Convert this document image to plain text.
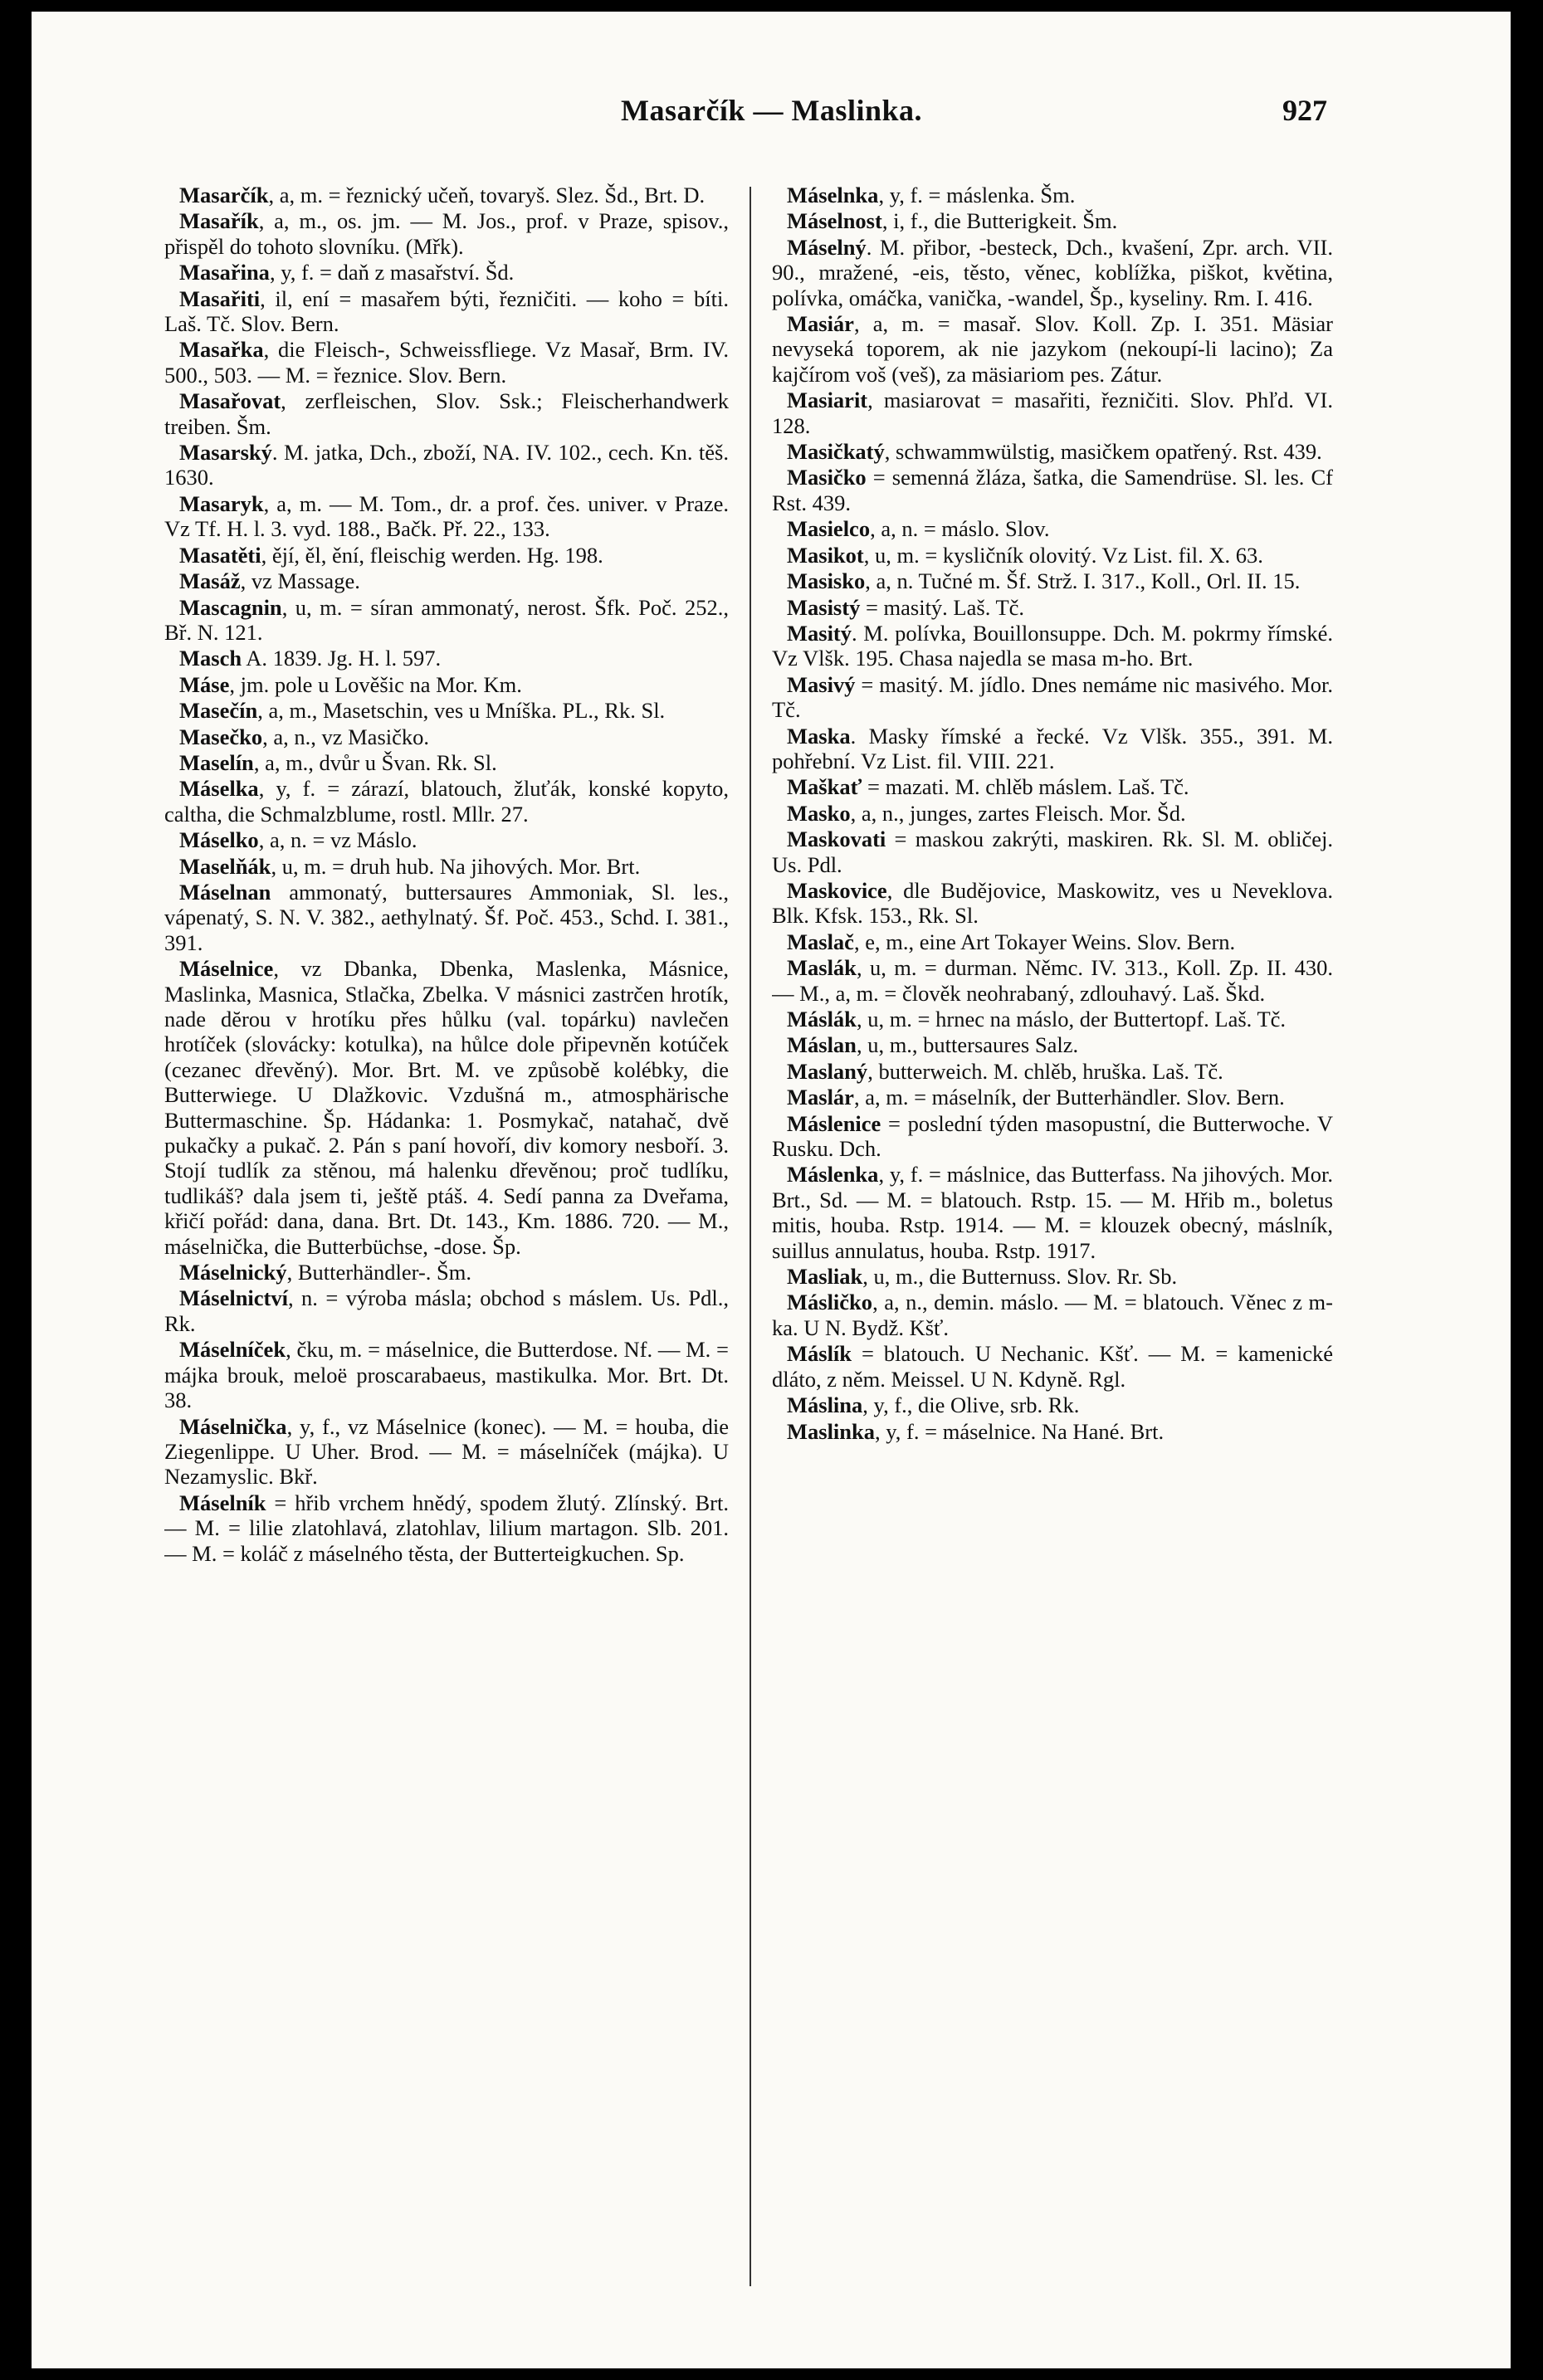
Masarčík — Maslinka.	927

Masarčík, a, m. = řeznický učeň, tovaryš. Slez. Šd., Brt. D.

Masařík, a, m., os. jm. — M. Jos., prof. v Praze, spisov., přispěl do tohoto slovníku. (Mřk).

Masařina, y, f. = daň z masařství. Šd.

Masařiti, il, ení = masařem býti, řezničiti. — koho = bíti. Laš. Tč. Slov. Bern.

Masařka, die Fleisch-, Schweissfliege. Vz Masař, Brm. IV. 500., 503. — M. = řeznice. Slov. Bern.

Masařovat, zerfleischen, Slov. Ssk.; Fleischerhandwerk treiben. Šm.

Masarský. M. jatka, Dch., zboží, NA. IV. 102., cech. Kn. těš. 1630.

Masaryk, a, m. — M. Tom., dr. a prof. čes. univer. v Praze. Vz Tf. H. l. 3. vyd. 188., Bačk. Př. 22., 133.

Masatěti, ějí, ěl, ění, fleischig werden. Hg. 198.

Masáž, vz Massage.

Mascagnin, u, m. = síran ammonatý, nerost. Šfk. Poč. 252., Bř. N. 121.

Masch A. 1839. Jg. H. l. 597.

Máse, jm. pole u Lověšic na Mor. Km.

Masečín, a, m., Masetschin, ves u Mníška. PL., Rk. Sl.

Masečko, a, n., vz Masičko.

Maselín, a, m., dvůr u Švan. Rk. Sl.

Máselka, y, f. = zárazí, blatouch, žluťák, konské kopyto, caltha, die Schmalzblume, rostl. Mllr. 27.

Máselko, a, n. = vz Máslo.

Maselňák, u, m. = druh hub. Na jihových. Mor. Brt.

Máselnan ammonatý, buttersaures Ammoniak, Sl. les., vápenatý, S. N. V. 382., aethylnatý. Šf. Poč. 453., Schd. I. 381., 391.

Máselnice, vz Dbanka, Dbenka, Maslenka, Másnice, Maslinka, Masnica, Stlačka, Zbelka. V másnici zastrčen hrotík, nade dĕrou v hrotíku přes hůlku (val. topárku) navlečen hrotíček (slovácky: kotulka), na hůlce dole připevněn kotúček (cezanec dřevěný). Mor. Brt. M. ve způsobě kolébky, die Butterwiege. U Dlažkovic. Vzdušná m., atmosphärische Buttermaschine. Šp. Hádanka: 1. Posmykač, natahač, dvě pukačky a pukač. 2. Pán s paní hovoří, div komory nesboří. 3. Stojí tudlík za stěnou, má halenku dřevěnou; proč tudlíku, tudlikáš? dala jsem ti, ještě ptáš. 4. Sedí panna za Dveřama, křičí pořád: dana, dana. Brt. Dt. 143., Km. 1886. 720. — M., máselnička, die Butterbüchse, -dose. Šp.

Máselnický, Butterhändler-. Šm.

Máselnictví, n. = výroba másla; obchod s máslem. Us. Pdl., Rk.

Máselníček, čku, m. = máselnice, die Butterdose. Nf. — M. = májka brouk, meloë proscarabaeus, mastikulka. Mor. Brt. Dt. 38.

Máselnička, y, f., vz Máselnice (konec). — M. = houba, die Ziegenlippe. U Uher. Brod. — M. = máselníček (májka). U Nezamyslic. Bkř.

Máselník = hřib vrchem hnědý, spodem žlutý. Zlínský. Brt. — M. = lilie zlatohlavá, zlatohlav, lilium martagon. Slb. 201. — M. = koláč z máselného těsta, der Butterteigkuchen. Sp.

Máselnka, y, f. = máslenka. Šm.

Máselnost, i, f., die Butterigkeit. Šm.

Máselný. M. přibor, -besteck, Dch., kvašení, Zpr. arch. VII. 90., mražené, -eis, těsto, věnec, koblížka, piškot, květina, polívka, omáčka, vanička, -wandel, Šp., kyseliny. Rm. I. 416.

Masiár, a, m. = masař. Slov. Koll. Zp. I. 351. Mäsiar nevyseká toporem, ak nie jazykom (nekoupí-li lacino); Za kajčírom voš (veš), za mäsiariom pes. Zátur.

Masiarit, masiarovat = masařiti, řezničiti. Slov. Phľd. VI. 128.

Masičkatý, schwammwülstig, masičkem opatřený. Rst. 439.

Masičko = semenná žláza, šatka, die Samendrüse. Sl. les. Cf Rst. 439.

Masielco, a, n. = máslo. Slov.

Masikot, u, m. = kysličník olovitý. Vz List. fil. X. 63.

Masisko, a, n. Tučné m. Šf. Strž. I. 317., Koll., Orl. II. 15.

Masistý = masitý. Laš. Tč.

Masitý. M. polívka, Bouillonsuppe. Dch. M. pokrmy římské. Vz Vlšk. 195. Chasa najedla se masa m-ho. Brt.

Masivý = masitý. M. jídlo. Dnes nemáme nic masivého. Mor. Tč.

Maska. Masky římské a řecké. Vz Vlšk. 355., 391. M. pohřební. Vz List. fil. VIII. 221.

Maškať = mazati. M. chlěb máslem. Laš. Tč.

Masko, a, n., junges, zartes Fleisch. Mor. Šd.

Maskovati = maskou zakrýti, maskiren. Rk. Sl. M. obličej. Us. Pdl.

Maskovice, dle Budějovice, Maskowitz, ves u Neveklova. Blk. Kfsk. 153., Rk. Sl.

Maslač, e, m., eine Art Tokayer Weins. Slov. Bern.

Maslák, u, m. = durman. Němc. IV. 313., Koll. Zp. II. 430. — M., a, m. = člověk neohrabaný, zdlouhavý. Laš. Škd.

Máslák, u, m. = hrnec na máslo, der Buttertopf. Laš. Tč.

Máslan, u, m., buttersaures Salz.

Maslaný, butterweich. M. chlěb, hruška. Laš. Tč.

Maslár, a, m. = máselník, der Butterhändler. Slov. Bern.

Máslenice = poslední týden masopustní, die Butterwoche. V Rusku. Dch.

Máslenka, y, f. = máslnice, das Butterfass. Na jihových. Mor. Brt., Sd. — M. = blatouch. Rstp. 15. — M. Hřib m., boletus mitis, houba. Rstp. 1914. — M. = klouzek obecný, máslník, suillus annulatus, houba. Rstp. 1917.

Masliak, u, m., die Butternuss. Slov. Rr. Sb.

Másličko, a, n., demin. máslo. — M. = blatouch. Věnec z m-ka. U N. Bydž. Kšť.

Máslík = blatouch. U Nechanic. Kšť. — M. = kamenické dláto, z něm. Meissel. U N. Kdyně. Rgl.

Máslina, y, f., die Olive, srb. Rk.

Maslinka, y, f. = máselnice. Na Hané. Brt.
